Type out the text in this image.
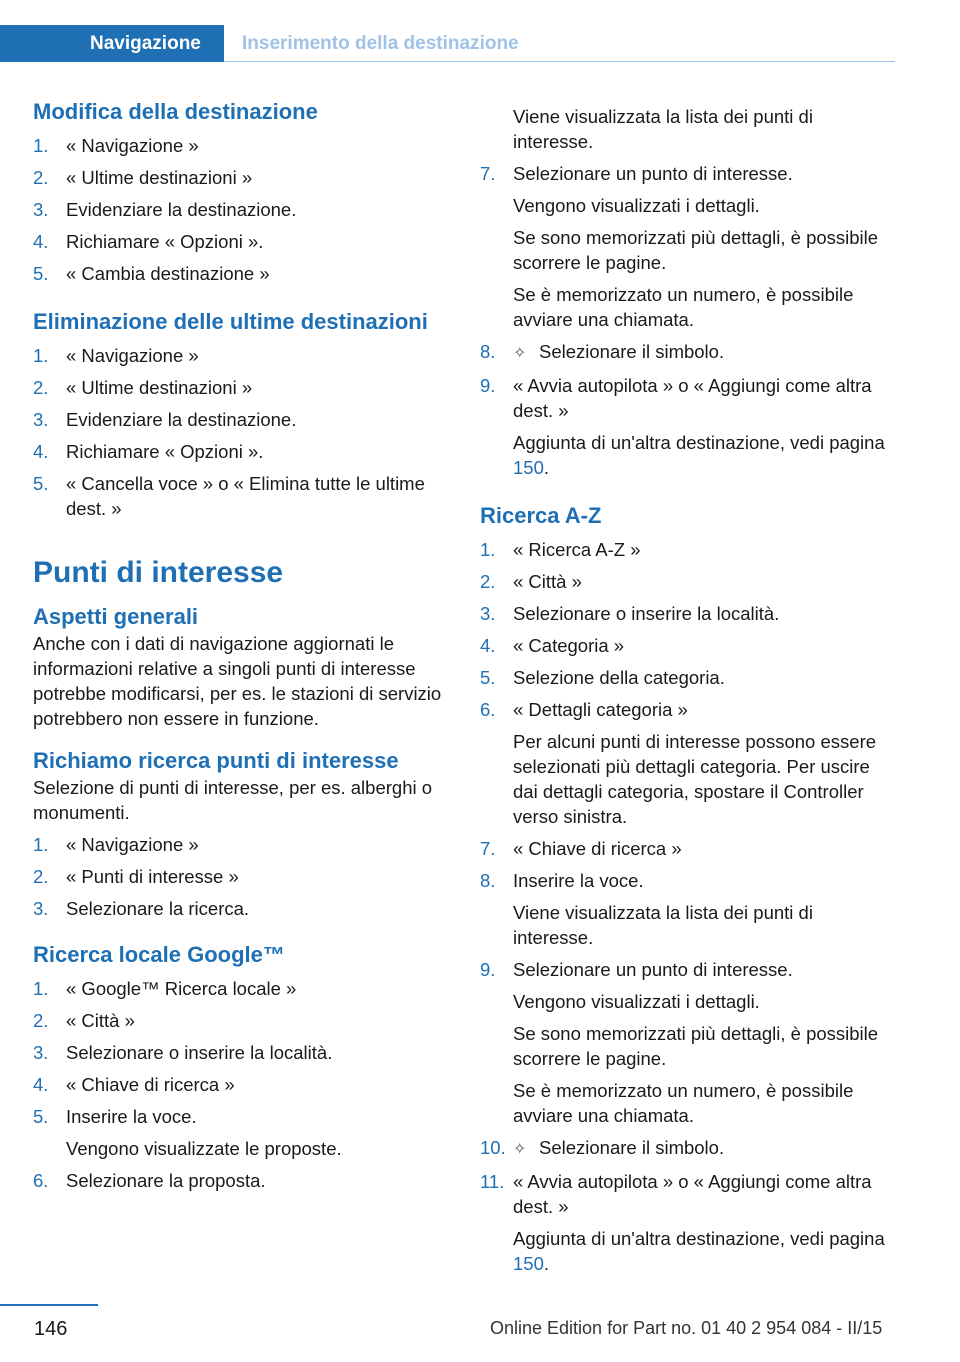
Navigazione	Inserimento della destinazione
Modifica della destinazione
1. « Navigazione »
2. « Ultime destinazioni »
3. Evidenziare la destinazione.
4. Richiamare « Opzioni ».
5. « Cambia destinazione »
Eliminazione delle ultime destinazioni
1. « Navigazione »
2. « Ultime destinazioni »
3. Evidenziare la destinazione.
4. Richiamare « Opzioni ».
5. « Cancella voce » o « Elimina tutte le ultime dest. »
Punti di interesse
Aspetti generali

Anche con i dati di navigazione aggiornati le informazioni relative a singoli punti di interesse potrebbe modificarsi, per es. le stazioni di servizio potrebbero non essere in funzione.

Richiamo ricerca punti di interesse

Selezione di punti di interesse, per es. alberghi o monumenti.

1. « Navigazione »
2. « Punti di interesse »
3. Selezionare la ricerca.
Ricerca locale Google™
1. « Google™ Ricerca locale »
2. « Città »
3. Selezionare o inserire la località.
4. « Chiave di ricerca »
5. Inserire la voce.
Vengono visualizzate le proposte.
6. Selezionare la proposta.
Viene visualizzata la lista dei punti di interesse.
7. Selezionare un punto di interesse.
Vengono visualizzati i dettagli.
Se sono memorizzati più dettagli, è possibile scorrere le pagine.
Se è memorizzato un numero, è possibile avviare una chiamata.
8. ✧ Selezionare il simbolo.
9. « Avvia autopilota » o « Aggiungi come altra dest. »
Aggiunta di un'altra destinazione, vedi pagina 150.
Ricerca A-Z
1. « Ricerca A-Z »
2. « Città »
3. Selezionare o inserire la località.
4. « Categoria »
5. Selezione della categoria.
6. « Dettagli categoria »
Per alcuni punti di interesse possono essere selezionati più dettagli categoria. Per uscire dai dettagli categoria, spostare il Controller verso sinistra.
7. « Chiave di ricerca »
8. Inserire la voce.
Viene visualizzata la lista dei punti di interesse.
9. Selezionare un punto di interesse.
Vengono visualizzati i dettagli.
Se sono memorizzati più dettagli, è possibile scorrere le pagine.
Se è memorizzato un numero, è possibile avviare una chiamata.
10. ✧ Selezionare il simbolo.
11. « Avvia autopilota » o « Aggiungi come altra dest. »
Aggiunta di un'altra destinazione, vedi pagina 150.
146	Online Edition for Part no. 01 40 2 954 084 - II/15
